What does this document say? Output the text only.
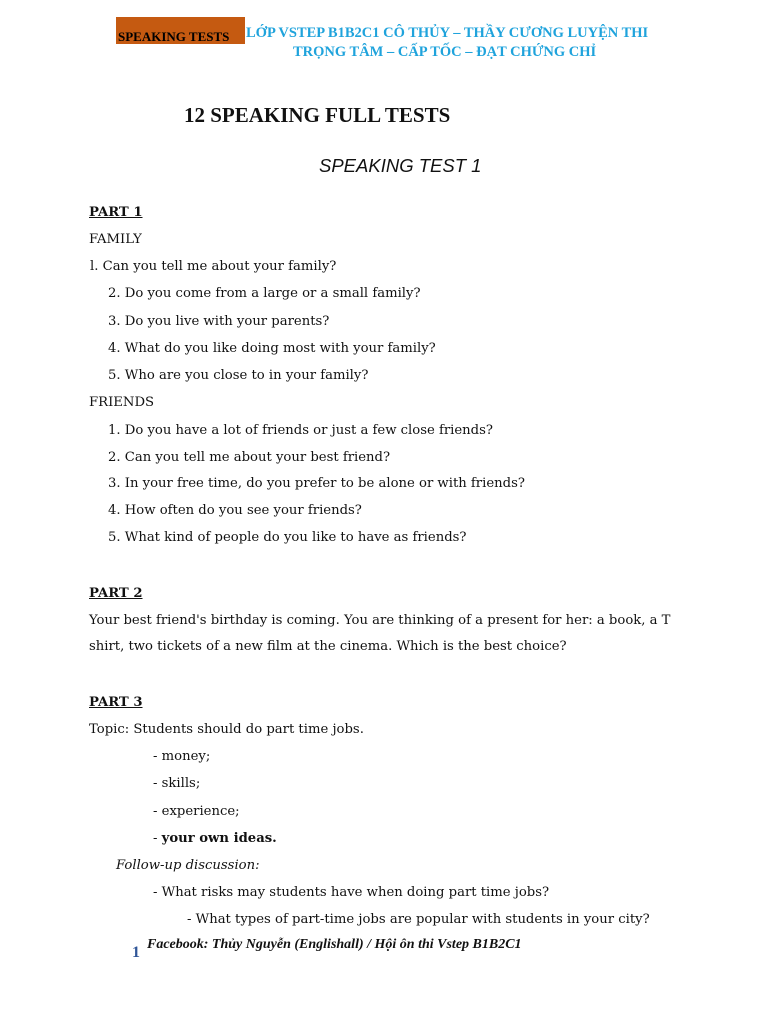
SPEAKING TESTS	LỚP VSTEP B1B2C1 CÔ THỦY – THẦY CƯƠNG LUYỆN THI
TRỌNG TÂM – CẤP TỐC – ĐẠT CHỨNG CHỈ
12 SPEAKING FULL TESTS
SPEAKING TEST 1
PART 1
FAMILY
l. Can you tell me about your family?
2. Do you come from a large or a small family?
3. Do you live with your parents?
4. What do you like doing most with your family?
5. Who are you close to in your family?
FRIENDS
1. Do you have a lot of friends or just a few close friends?
2. Can you tell me about your best friend?
3. In your free time, do you prefer to be alone or with friends?
4. How often do you see your friends?
5. What kind of people do you like to have as friends?
PART 2
Your best friend's birthday is coming. You are thinking of a present for her: a book, a T
shirt, two tickets of a new film at the cinema. Which is the best choice?
PART 3
Topic: Students should do part time jobs.
- money;
- skills;
- experience;
- your own ideas.
Follow-up discussion:
- What risks may students have when doing part time jobs?
- What types of part-time jobs are popular with students in your city?
1 Facebook: Thủy Nguyễn (Englishall) / Hội ôn thi Vstep B1B2C1
